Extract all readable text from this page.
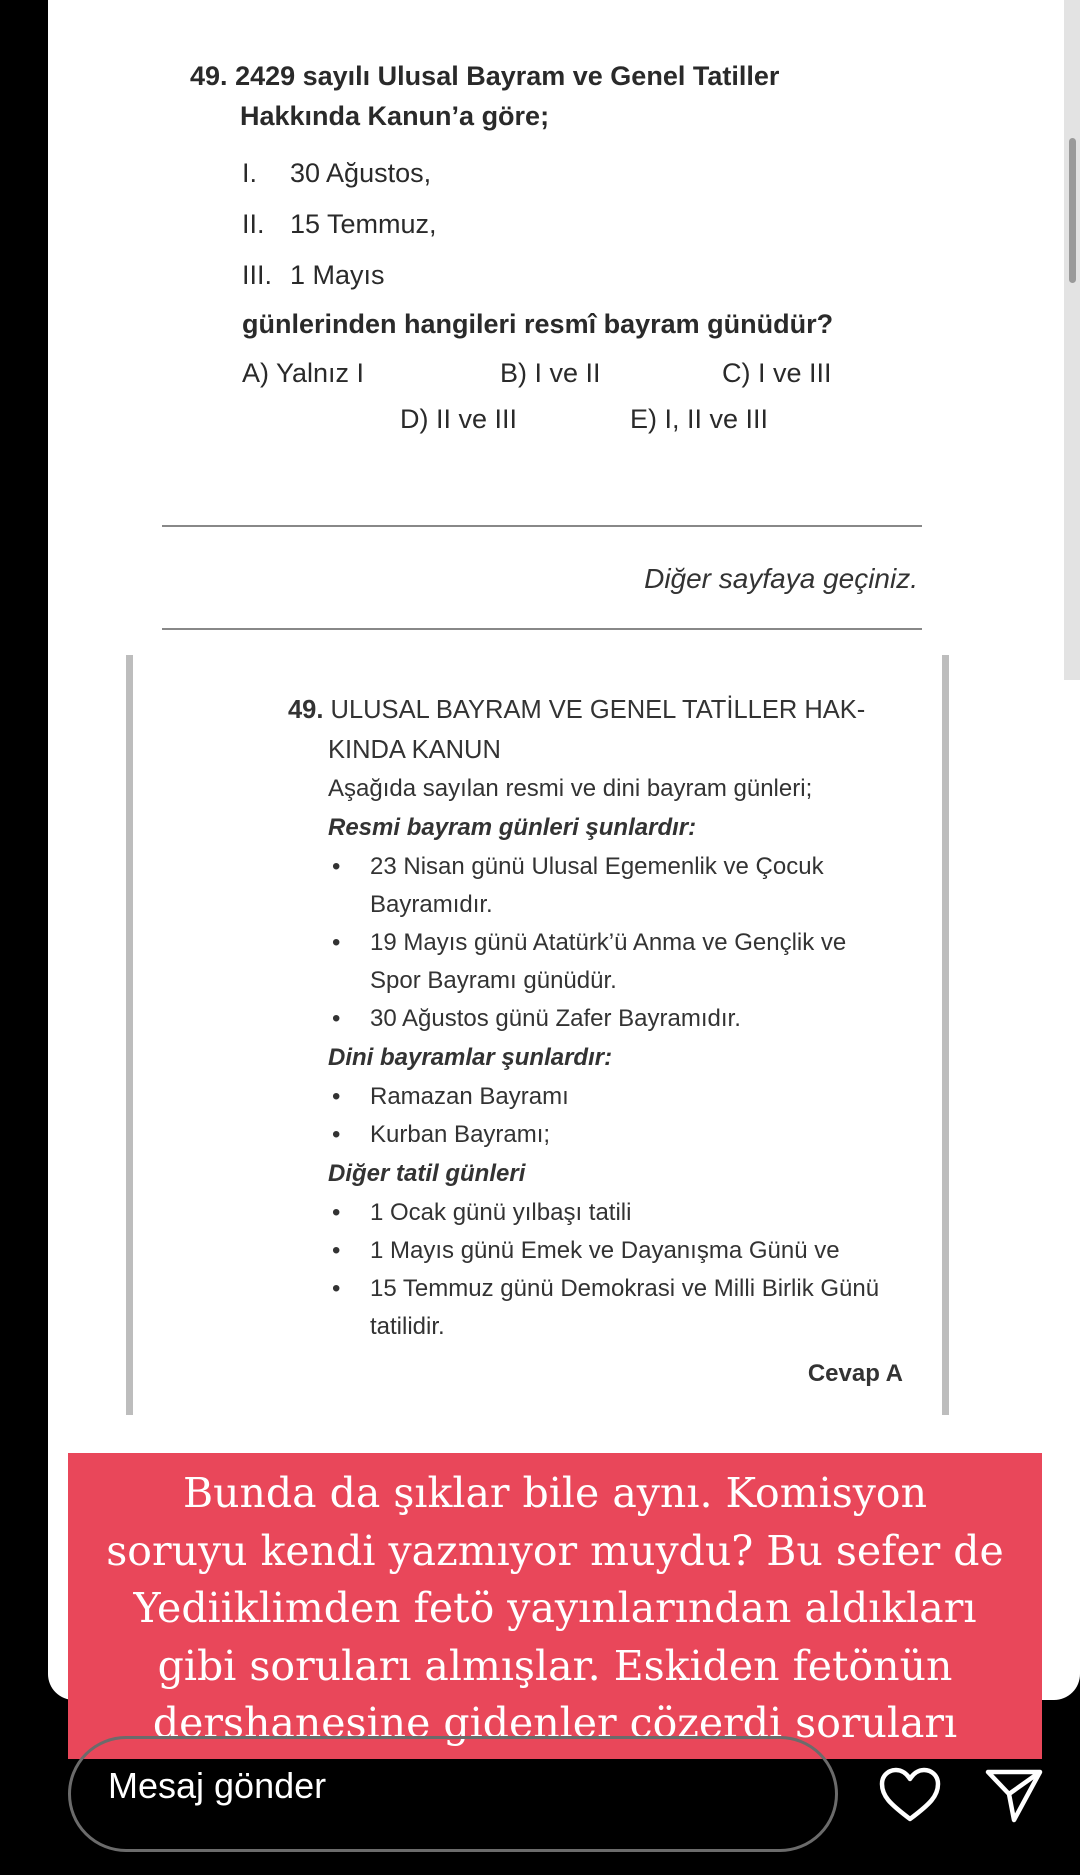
49. 2429 sayılı Ulusal Bayram ve Genel Tatiller
Hakkında Kanun’a göre;
I. 30 Ağustos,
II. 15 Temmuz,
III. 1 Mayıs
günlerinden hangileri resmî bayram günüdür?
A) Yalnız I	B) I ve II	C) I ve III
D) II ve III	E) I, II ve III
Diğer sayfaya geçiniz.
49. ULUSAL BAYRAM VE GENEL TATİLLER HAK-
KINDA KANUN

Aşağıda sayılan resmi ve dini bayram günleri;

Resmi bayram günleri şunlardır:

• 23 Nisan günü Ulusal Egemenlik ve Çocuk Bayramıdır.
• 19 Mayıs günü Atatürk’ü Anma ve Gençlik ve Spor Bayramı günüdür.
• 30 Ağustos günü Zafer Bayramıdır.

Dini bayramlar şunlardır:

• Ramazan Bayramı
• Kurban Bayramı;

Diğer tatil günleri

• 1 Ocak günü yılbaşı tatili
• 1 Mayıs günü Emek ve Dayanışma Günü ve
• 15 Temmuz günü Demokrasi ve Milli Birlik Günü tatilidir.
Cevap A
Bunda da şıklar bile aynı. Komisyon
soruyu kendi yazmıyor muydu? Bu sefer de
Yediiklimden fetö yayınlarından aldıkları
gibi soruları almışlar. Eskiden fetönün
dershanesine gidenler cözerdi soruları
Mesaj gönder
